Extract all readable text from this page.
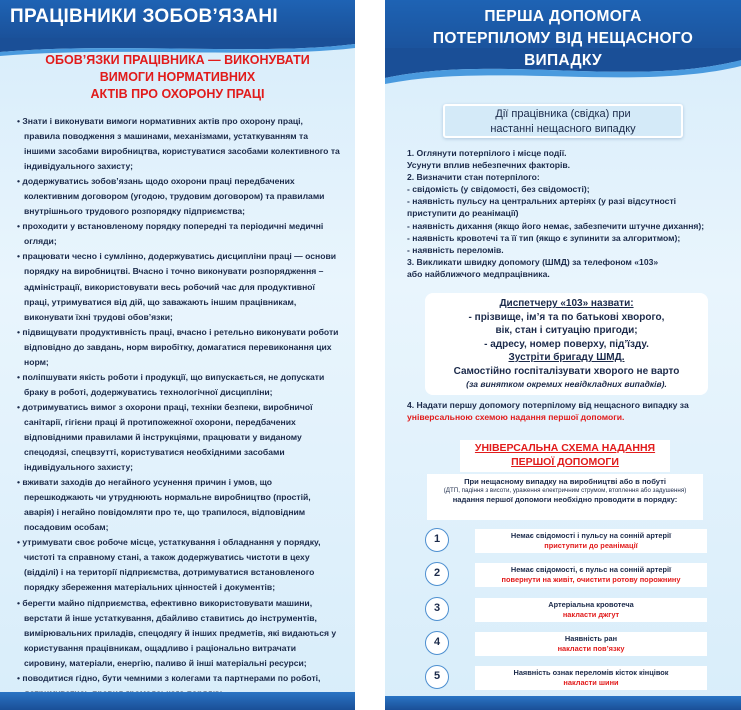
ПРАЦІВНИКИ ЗОБОВ’ЯЗАНІ
ОБОВ’ЯЗКИ ПРАЦІВНИКА — ВИКОНУВАТИ
ВИМОГИ НОРМАТИВНИХ
АКТІВ ПРО ОХОРОНУ ПРАЦІ
• Знати і виконувати вимоги нормативних актів про охорону праці, правила поводження з машинами, механізмами, устаткуванням та іншими засобами виробництва, користуватися засобами колективного та індивідуального захисту;
• додержуватись зобов’язань щодо охорони праці передбачених колективним договором (угодою, трудовим договором) та правилами внутрішнього трудового розпорядку підприємства;
• проходити у встановленому порядку попередні та періодичні медичні огляди;
• працювати чесно і сумлінно, додержуватись дисципліни праці — основи порядку на виробництві. Вчасно і точно виконувати розпорядження – адміністрації, використовувати весь робочий час для продуктивної праці, утримуватися від дій, що заважають іншим працівникам, виконувати їхні трудові обов’язки;
• підвищувати продуктивність праці, вчасно і ретельно виконувати роботи відповідно до завдань, норм виробітку, домагатися перевиконання цих норм;
• поліпшувати якість роботи і продукції, що випускається, не допускати браку в роботі, додержуватись технологічної дисципліни;
• дотримуватись вимог з охорони праці, техніки безпеки, виробничої санітарії, гігієни праці й протипожежної охорони, передбачених відповідними правилами й інструкціями, працювати у виданому спецодязі, спецвзутті, користуватися необхідними засобами індивідуального захисту;
• вживати заходів до негайного усунення причин і умов, що перешкоджають чи утруднюють нормальне виробництво (простій, аварія) і негайно повідомляти про те, що трапилося, відповідним посадовим особам;
• утримувати своє робоче місце, устаткування і обладнання у порядку, чистоті та справному стані, а також додержуватись чистоти в цеху (відділі) і на території підприємства, дотримуватися встановленого порядку збереження матеріальних цінностей і документів;
• берегти майно підприємства, ефективно використовувати машини, верстати й інше устаткування, дбайливо ставитись до інструментів, вимірювальних приладів, спецодягу й інших предметів, які видаються у користування працівникам, ощадливо і раціонально витрачати сировину, матеріали, енергію, паливо й інші матеріальні ресурси;
• поводитися гідно, бути чемними з колегами та партнерами по роботі,
ПЕРША ДОПОМОГА
ПОТЕРПІЛОМУ ВІД НЕЩАСНОГО
ВИПАДКУ
Дії працівника (свідка) при
настанні нещасного випадку
1. Оглянути потерпілого і місце події.
Усунути вплив небезпечних факторів.
2. Визначити стан потерпілого:
- свідомість (у свідомості, без свідомості);
- наявність пульсу на центральних артеріях (у разі відсутності приступити до реанімації)
- наявність дихання (якщо його немає, забезпечити штучне дихання);
- наявність кровотечі та її тип (якщо є зупинити за алгоритмом);
- наявність переломів.
3. Викликати швидку допомогу (ШМД) за телефоном «103»
або найближчого медпрацівника.
Диспетчеру «103» назвати:
- прізвище, ім’я та по батькові хворого,
вік, стан і ситуацію пригоди;
- адресу, номер поверху, під’їзду.
Зустріти бригаду ШМД.
Самостійно госпіталізувати хворого не варто
(за винятком окремих невідкладних випадків).
4. Надати першу допомогу потерпілому від нещасного випадку за універсальною схемою надання першої допомоги.
УНІВЕРСАЛЬНА СХЕМА НАДАННЯ
ПЕРШОЇ ДОПОМОГИ
При нещасному випадку на виробництві або в побуті
(ДТП, падіння з висоти, ураження електричним струмом, втоплення або задушення)
надання першої допомоги необхідно проводити в порядку:
1	Немає свідомості і пульсу на сонній артерії
приступити до реанімації
2	Немає свідомості, є пульс на сонній артерії
повернути на живіт, очистити ротову порожнину
3	Артеріальна кровотеча
накласти джгут
4	Наявність ран
накласти пов’язку
5	Наявність ознак переломів кісток кінцівок
накласти шини
